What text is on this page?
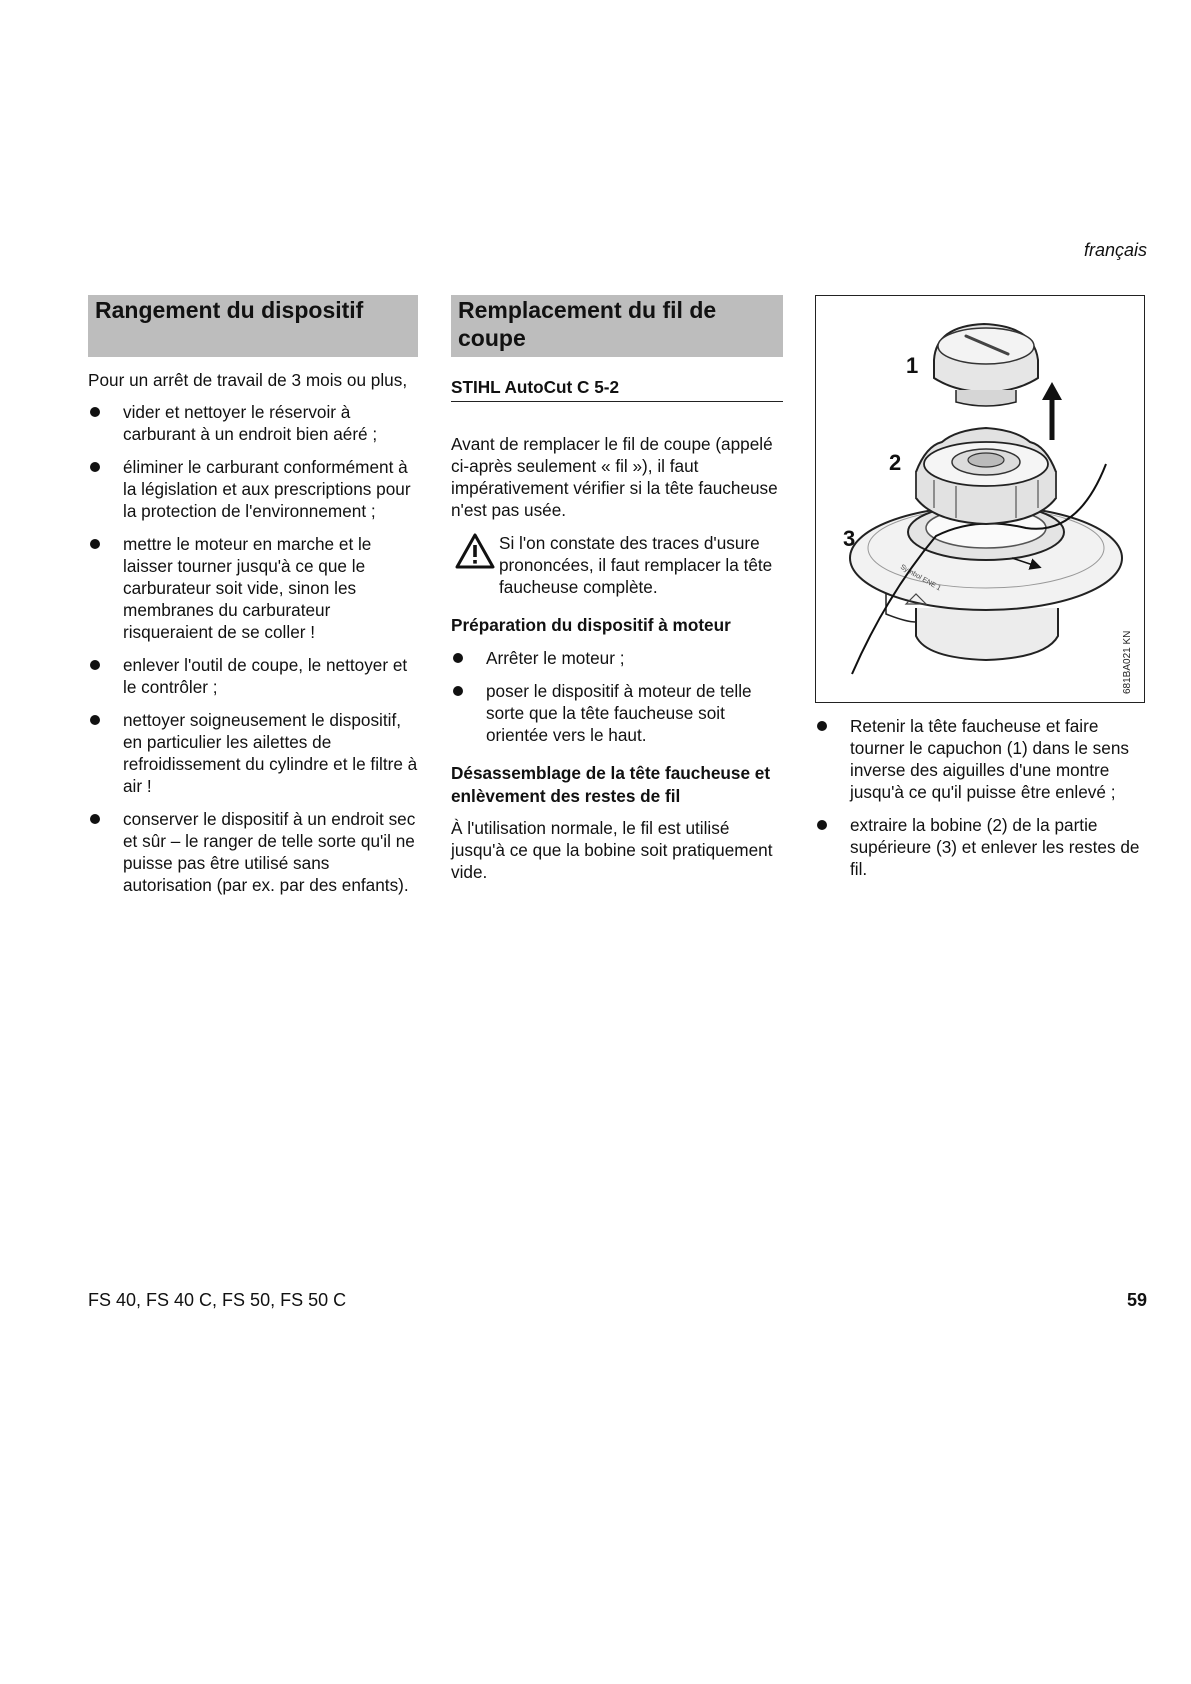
français
Rangement du dispositif

Pour un arrêt de travail de 3 mois ou plus,

vider et nettoyer le réservoir à carburant à un endroit bien aéré ;
éliminer le carburant conformément à la législation et aux prescriptions pour la protection de l'environnement ;
mettre le moteur en marche et le laisser tourner jusqu'à ce que le carburateur soit vide, sinon les membranes du carburateur risqueraient de se coller !
enlever l'outil de coupe, le nettoyer et le contrôler ;
nettoyer soigneusement le dispositif, en particulier les ailettes de refroidissement du cylindre et le filtre à air !
conserver le dispositif à un endroit sec et sûr – le ranger de telle sorte qu'il ne puisse pas être utilisé sans autorisation (par ex. par des enfants).
Remplacement du fil de coupe
STIHL AutoCut C 5-2

Avant de remplacer le fil de coupe (appelé ci-après seulement « fil »), il faut impérativement vérifier si la tête faucheuse n'est pas usée.

Si l'on constate des traces d'usure prononcées, il faut remplacer la tête faucheuse complète.
Préparation du dispositif à moteur
Arrêter le moteur ;
poser le dispositif à moteur de telle sorte que la tête faucheuse soit orientée vers le haut.
Désassemblage de la tête faucheuse et enlèvement des restes de fil

À l'utilisation normale, le fil est utilisé jusqu'à ce que la bobine soit pratiquement vide.

Symbol ENE 1
1
2
3
681BA021 KN
Retenir la tête faucheuse et faire tourner le capuchon (1) dans le sens inverse des aiguilles d'une montre jusqu'à ce qu'il puisse être enlevé ;
extraire la bobine (2) de la partie supérieure (3) et enlever les restes de fil.
FS 40, FS 40 C, FS 50, FS 50 C	59
